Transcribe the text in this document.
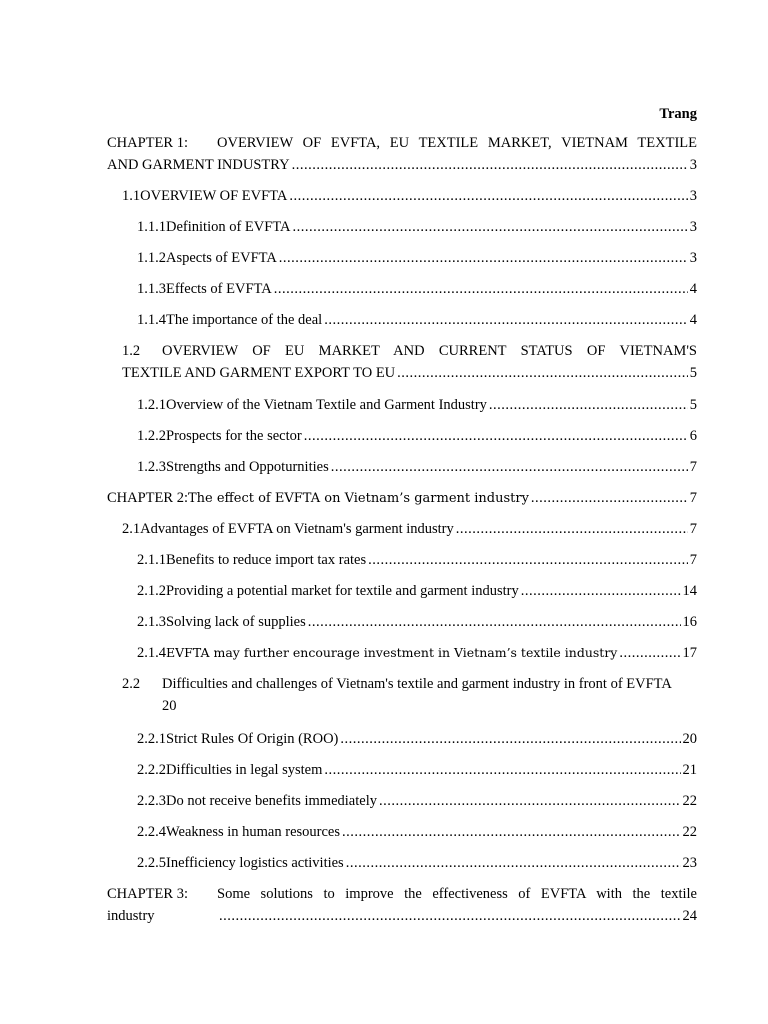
Trang
CHAPTER 1:	OVERVIEW OF EVFTA, EU TEXTILE MARKET, VIETNAM TEXTILE
AND GARMENT INDUSTRY .....	3
1.1 OVERVIEW OF EVFTA .....	3
1.1.1 Definition of EVFTA .....	3
1.1.2 Aspects of EVFTA .....	3
1.1.3 Effects of EVFTA .....	4
1.1.4 The importance of the deal .....	4
1.2	OVERVIEW OF EU MARKET AND CURRENT STATUS OF VIETNAM'S
TEXTILE AND GARMENT EXPORT TO EU .....	5
1.2.1 Overview of the Vietnam Textile and Garment Industry .....	5
1.2.2 Prospects for the sector .....	6
1.2.3 Strengths and Oppoturnities .....	7
CHAPTER 2: The effect of EVFTA on Vietnam’s garment industry .....	7
2.1 Advantages of EVFTA on Vietnam's garment industry .....	7
2.1.1 Benefits to reduce import tax rates .....	7
2.1.2 Providing a potential market for textile and garment industry .....	14
2.1.3 Solving lack of supplies .....	16
2.1.4 EVFTA may further encourage investment in Vietnam’s textile industry .....	17
2.2	Difficulties and challenges of Vietnam's textile and garment industry in front of EVFTA
20
2.2.1 Strict Rules Of Origin (ROO) .....	20
2.2.2 Difficulties in legal system .....	21
2.2.3 Do not receive benefits immediately .....	22
2.2.4 Weakness in human resources .....	22
2.2.5 Inefficiency logistics activities .....	23
CHAPTER 3:	Some solutions to improve the effectiveness of EVFTA with the textile
industry .....	24
